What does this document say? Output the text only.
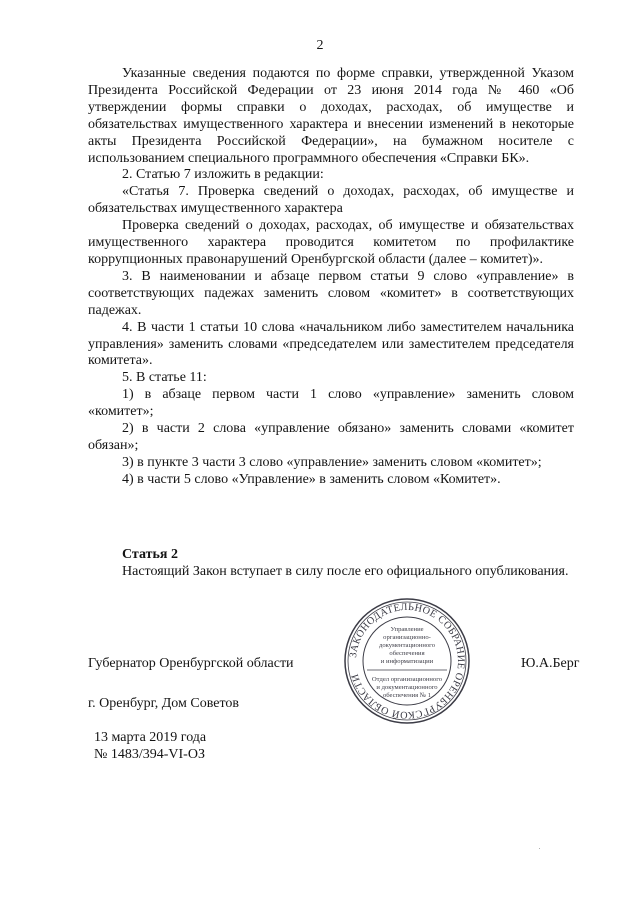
2

Указанные сведения подаются по форме справки, утвержденной Указом Президента Российской Федерации от 23 июня 2014 года № 460 «Об утверждении формы справки о доходах, расходах, об имуществе и обязательствах имущественного характера и внесении изменений в некоторые акты Президента Российской Федерации», на бумажном носителе с использованием специального программного обеспечения «Справки БК».

2. Статью 7 изложить в редакции:

«Статья 7. Проверка сведений о доходах, расходах, об имуществе и обязательствах имущественного характера

Проверка сведений о доходах, расходах, об имуществе и обязательствах имущественного характера проводится комитетом по профилактике коррупционных правонарушений Оренбургской области (далее – комитет)».

3. В наименовании и абзаце первом статьи 9 слово «управление» в соответствующих падежах заменить словом «комитет» в соответствующих падежах.

4. В части 1 статьи 10 слова «начальником либо заместителем начальника управления» заменить словами «председателем или заместителем председателя комитета».

5. В статье 11:

1) в абзаце первом части 1 слово «управление» заменить словом «комитет»;

2) в части 2 слова «управление обязано» заменить словами «комитет обязан»;

3) в пункте 3 части 3 слово «управление» заменить словом «комитет»;

4) в части 5 слово «Управление» в заменить словом «Комитет».

Статья 2

Настоящий Закон вступает в силу после его официального опубликования.

ЗАКОНОДАТЕЛЬНОЕ СОБРАНИЕ ОРЕНБУРГСКОЙ ОБЛАСТИ
Управление
организационно-
документационного
обеспечения
и информатизации
Отдел организационного
и документационного
обеспечения № 1
Губернатор Оренбургской области	Ю.А.Берг
г. Оренбург, Дом Советов
13 марта 2019 года
№ 1483/394-VI-ОЗ
